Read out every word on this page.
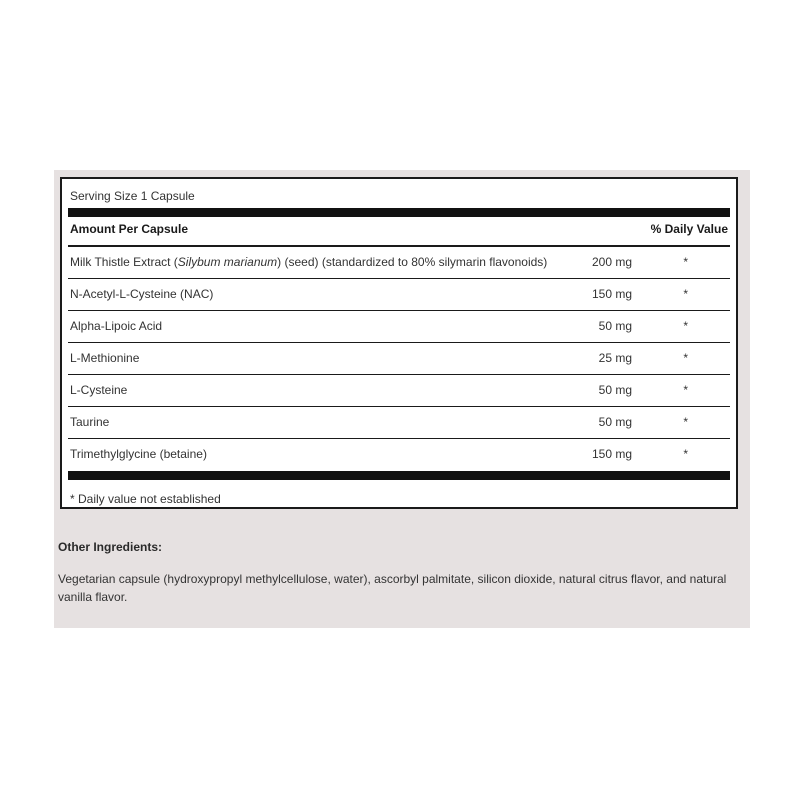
Serving Size 1 Capsule
Amount Per Capsule	% Daily Value
Milk Thistle Extract (Silybum marianum) (seed) (standardized to 80% silymarin flavonoids)	200 mg	*
N-Acetyl-L-Cysteine (NAC)	150 mg	*
Alpha-Lipoic Acid	50 mg	*
L-Methionine	25 mg	*
L-Cysteine	50 mg	*
Taurine	50 mg	*
Trimethylglycine (betaine)	150 mg	*
* Daily value not established
Other Ingredients:
Vegetarian capsule (hydroxypropyl methylcellulose, water), ascorbyl palmitate, silicon dioxide, natural citrus flavor, and natural vanilla flavor.
